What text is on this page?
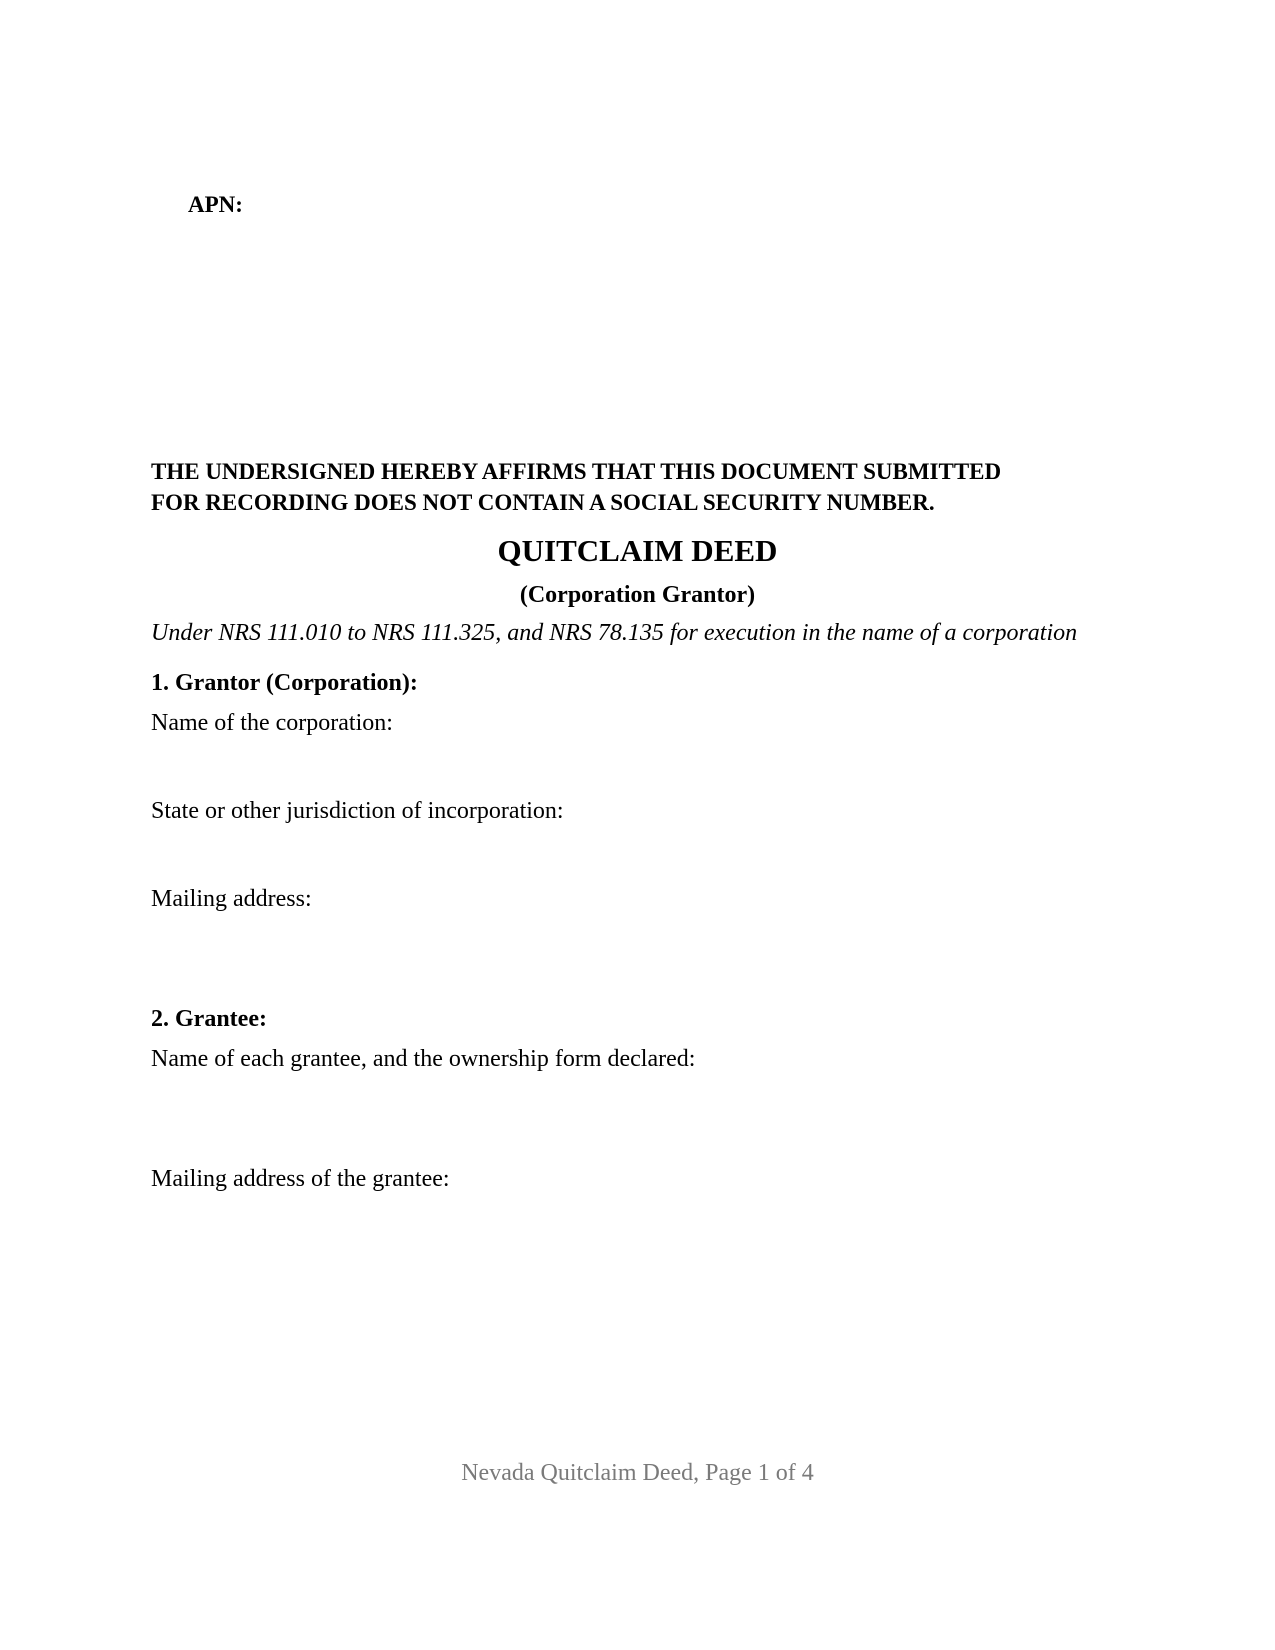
APN:
THE UNDERSIGNED HEREBY AFFIRMS THAT THIS DOCUMENT SUBMITTED
FOR RECORDING DOES NOT CONTAIN A SOCIAL SECURITY NUMBER.
QUITCLAIM DEED
(Corporation Grantor)
Under NRS 111.010 to NRS 111.325, and NRS 78.135 for execution in the name of a corporation
1. Grantor (Corporation):
Name of the corporation:
State or other jurisdiction of incorporation:
Mailing address:
2. Grantee:
Name of each grantee, and the ownership form declared:
Mailing address of the grantee:
Nevada Quitclaim Deed, Page 1 of 4
